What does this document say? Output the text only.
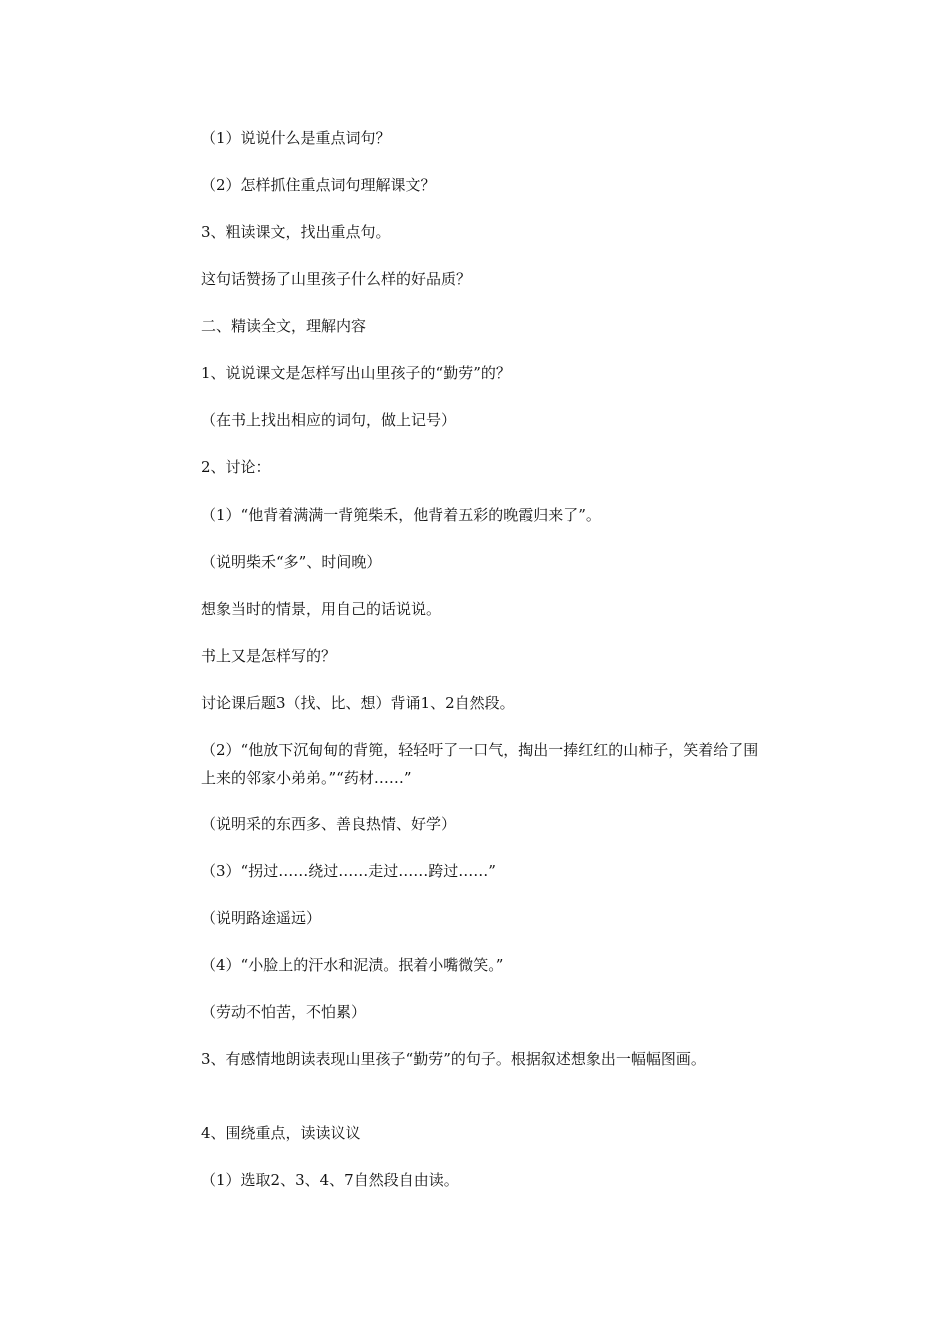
（1）说说什么是重点词句？

（2）怎样抓住重点词句理解课文？

3、粗读课文，找出重点句。

这句话赞扬了山里孩子什么样的好品质？

二、精读全文，理解内容

1、说说课文是怎样写出山里孩子的“勤劳”的？

（在书上找出相应的词句，做上记号）

2、讨论：

（1）“他背着满满一背篼柴禾，他背着五彩的晚霞归来了”。

（说明柴禾“多”、时间晚）

想象当时的情景，用自己的话说说。

书上又是怎样写的？

讨论课后题3（找、比、想）背诵1、2自然段。

（2）“他放下沉甸甸的背篼，轻轻吁了一口气，掏出一捧红红的山柿子，笑着给了围上来的邻家小弟弟。”“药材……”

（说明采的东西多、善良热情、好学）

（3）“拐过……绕过……走过……跨过……”

（说明路途遥远）

（4）“小脸上的汗水和泥渍。抿着小嘴微笑。”

（劳动不怕苦，不怕累）

3、有感情地朗读表现山里孩子“勤劳”的句子。根据叙述想象出一幅幅图画。

4、围绕重点，读读议议

（1）选取2、3、4、7自然段自由读。
